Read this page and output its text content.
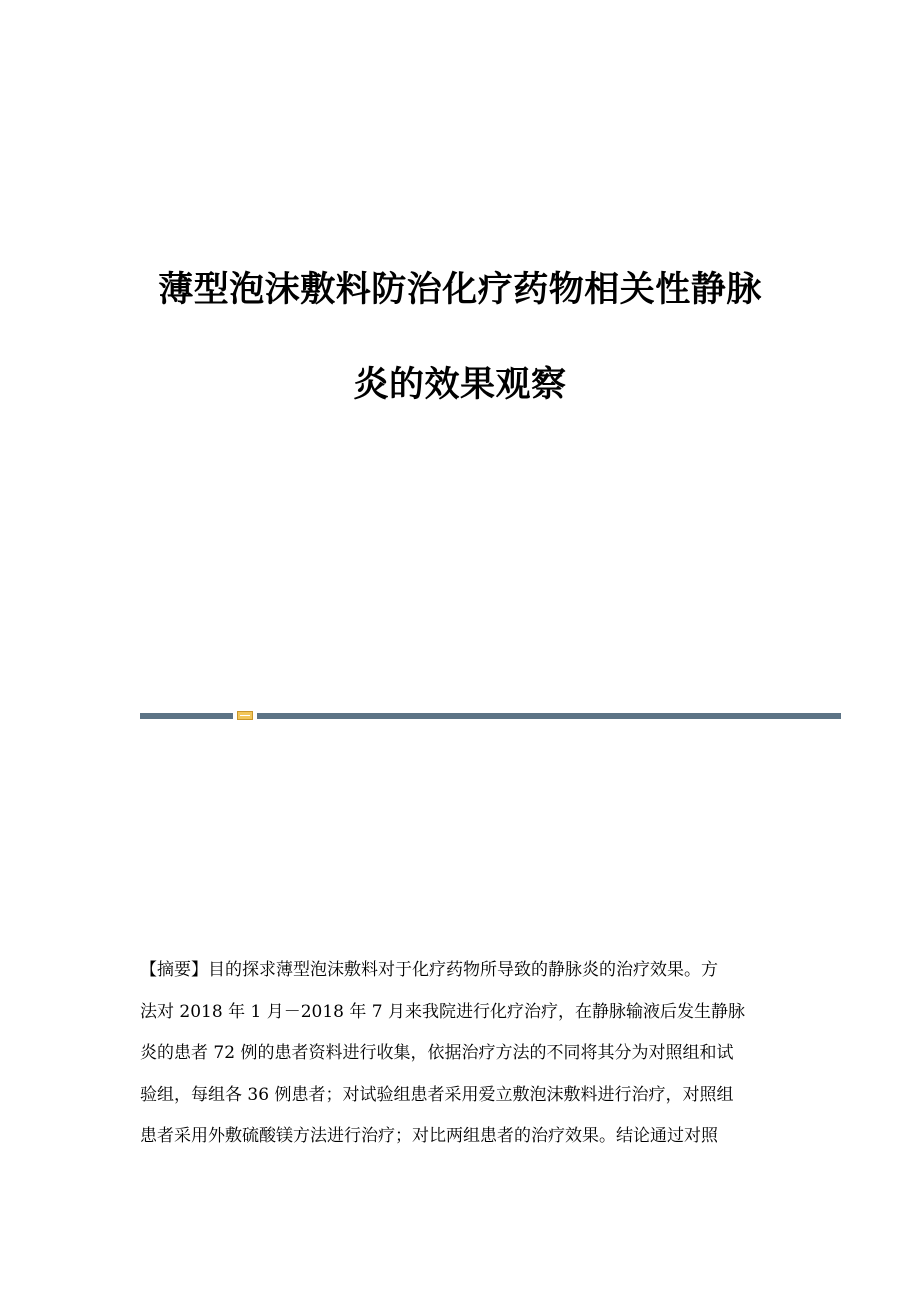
薄型泡沫敷料防治化疗药物相关性静脉
炎的效果观察
【摘要】目的探求薄型泡沫敷料对于化疗药物所导致的静脉炎的治疗效果。方
法对 2018 年 1 月－2018 年 7 月来我院进行化疗治疗，在静脉输液后发生静脉
炎的患者 72 例的患者资料进行收集，依据治疗方法的不同将其分为对照组和试
验组，每组各 36 例患者；对试验组患者采用爱立敷泡沫敷料进行治疗，对照组
患者采用外敷硫酸镁方法进行治疗；对比两组患者的治疗效果。结论通过对照
